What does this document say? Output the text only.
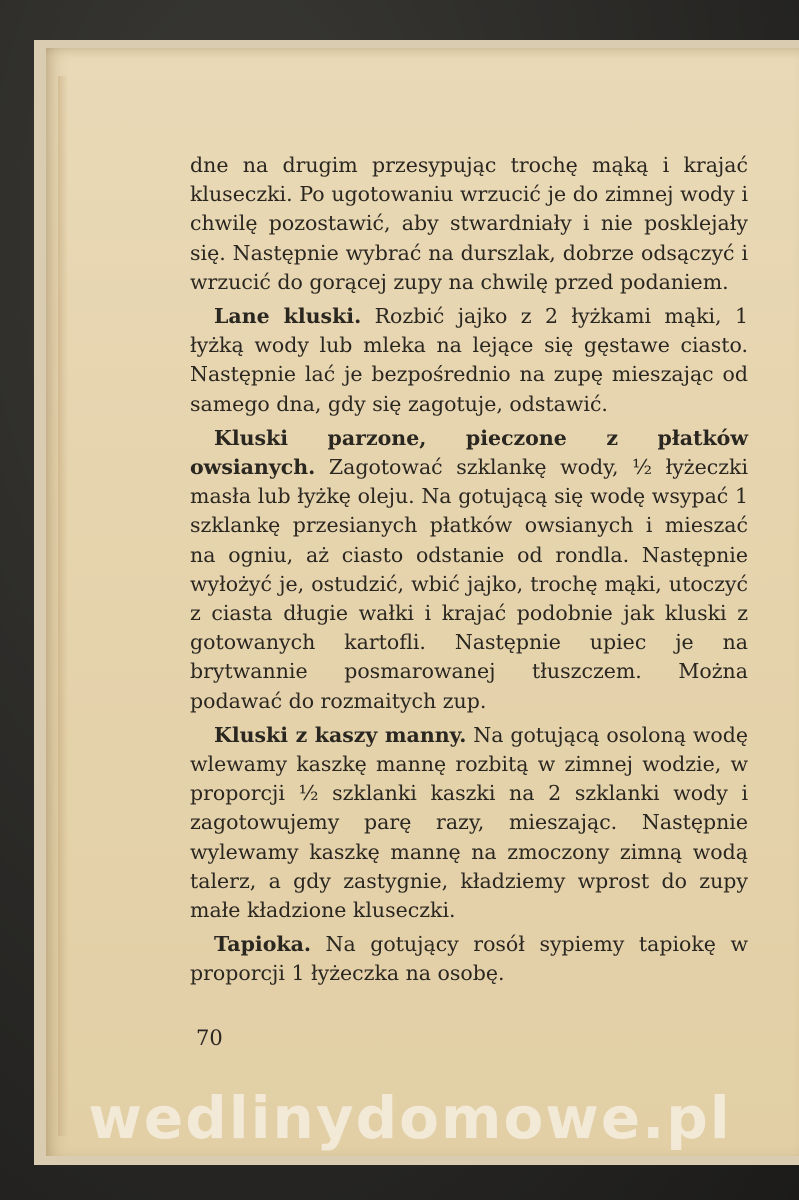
dne na drugim przesypując trochę mąką i krajać kluseczki. Po ugotowaniu wrzucić je do zimnej wody i chwilę pozostawić, aby stwardniały i nie posklejały się. Następnie wybrać na durszlak, dobrze odsączyć i wrzucić do gorącej zupy na chwilę przed podaniem.

Lane kluski. Rozbić jajko z 2 łyżkami mąki, 1 łyżką wody lub mleka na lejące się gęstawe ciasto. Następnie lać je bezpośrednio na zupę mieszając od samego dna, gdy się zagotuje, odstawić.

Kluski parzone, pieczone z płatków owsianych. Zagotować szklankę wody, ½ łyżeczki masła lub łyżkę oleju. Na gotującą się wodę wsypać 1 szklankę przesianych płatków owsianych i mieszać na ogniu, aż ciasto odstanie od rondla. Następnie wyłożyć je, ostudzić, wbić jajko, trochę mąki, utoczyć z ciasta długie wałki i krajać podobnie jak kluski z gotowanych kartofli. Następnie upiec je na brytwannie posmarowanej tłuszczem. Można podawać do rozmaitych zup.

Kluski z kaszy manny. Na gotującą osoloną wodę wlewamy kaszkę mannę rozbitą w zimnej wodzie, w proporcji ½ szklanki kaszki na 2 szklanki wody i zagotowujemy parę razy, mieszając. Następnie wylewamy kaszkę mannę na zmoczony zimną wodą talerz, a gdy zastygnie, kładziemy wprost do zupy małe kładzione kluseczki.

Tapioka. Na gotujący rosół sypiemy tapiokę w proporcji 1 łyżeczka na osobę.

70
wedlinydomowe.pl
